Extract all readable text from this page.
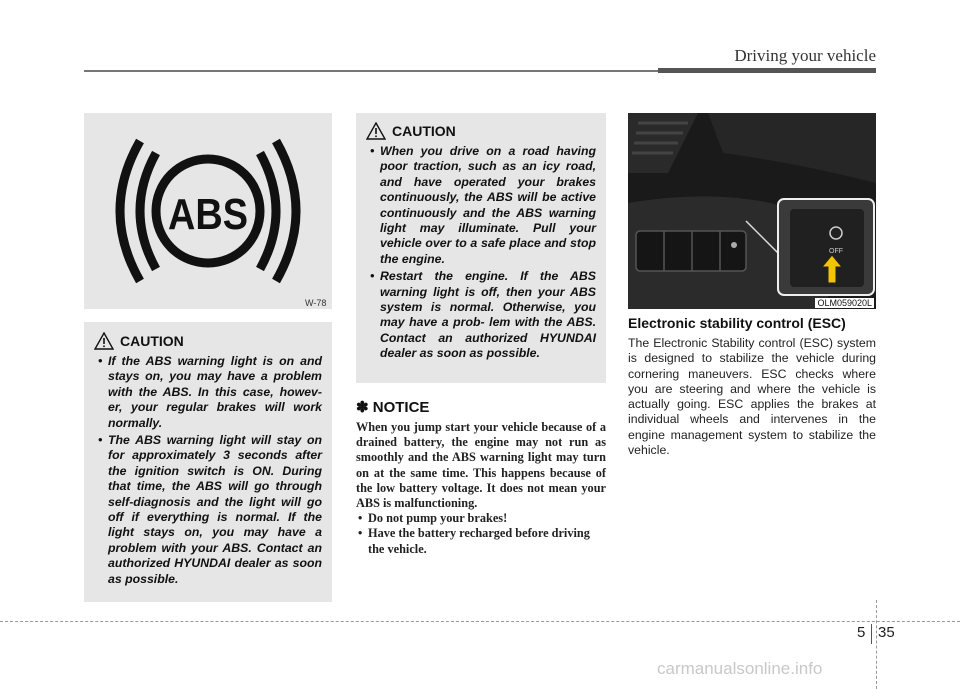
Driving your vehicle
ABS
W-78
CAUTION
• If the ABS warning light is on and stays on, you may have a problem with the ABS. In this case, howev- er, your regular brakes will work normally.
• The ABS warning light will stay on for approximately 3 seconds after the ignition switch is ON. During that time, the ABS will go through self-diagnosis and the light will go off if everything is normal. If the light stays on, you may have a problem with your ABS. Contact an authorized HYUNDAI dealer as soon as possible.
CAUTION
• When you drive on a road having poor traction, such as an icy road, and have operated your brakes continuously, the ABS will be active continuously and the ABS warning light may illuminate. Pull your vehicle over to a safe place and stop the engine.
• Restart the engine. If the ABS warning light is off, then your ABS system is normal. Otherwise, you may have a prob- lem with the ABS. Contact an authorized HYUNDAI dealer as soon as possible.
✽ NOTICE
When you jump start your vehicle because of a drained battery, the engine may not run as smoothly and the ABS warning light may turn on at the same time. This happens because of the low battery voltage. It does not mean your ABS is malfunctioning.
• Do not pump your brakes!
• Have the battery recharged before driving the vehicle.
OFF
OLM059020L
Electronic stability control (ESC)
The Electronic Stability control (ESC) system is designed to stabilize the vehicle during cornering maneuvers. ESC checks where you are steering and where the vehicle is actually going. ESC applies the brakes at individual wheels and intervenes in the engine management system to stabilize the vehicle.
5 35
carmanualsonline.info
